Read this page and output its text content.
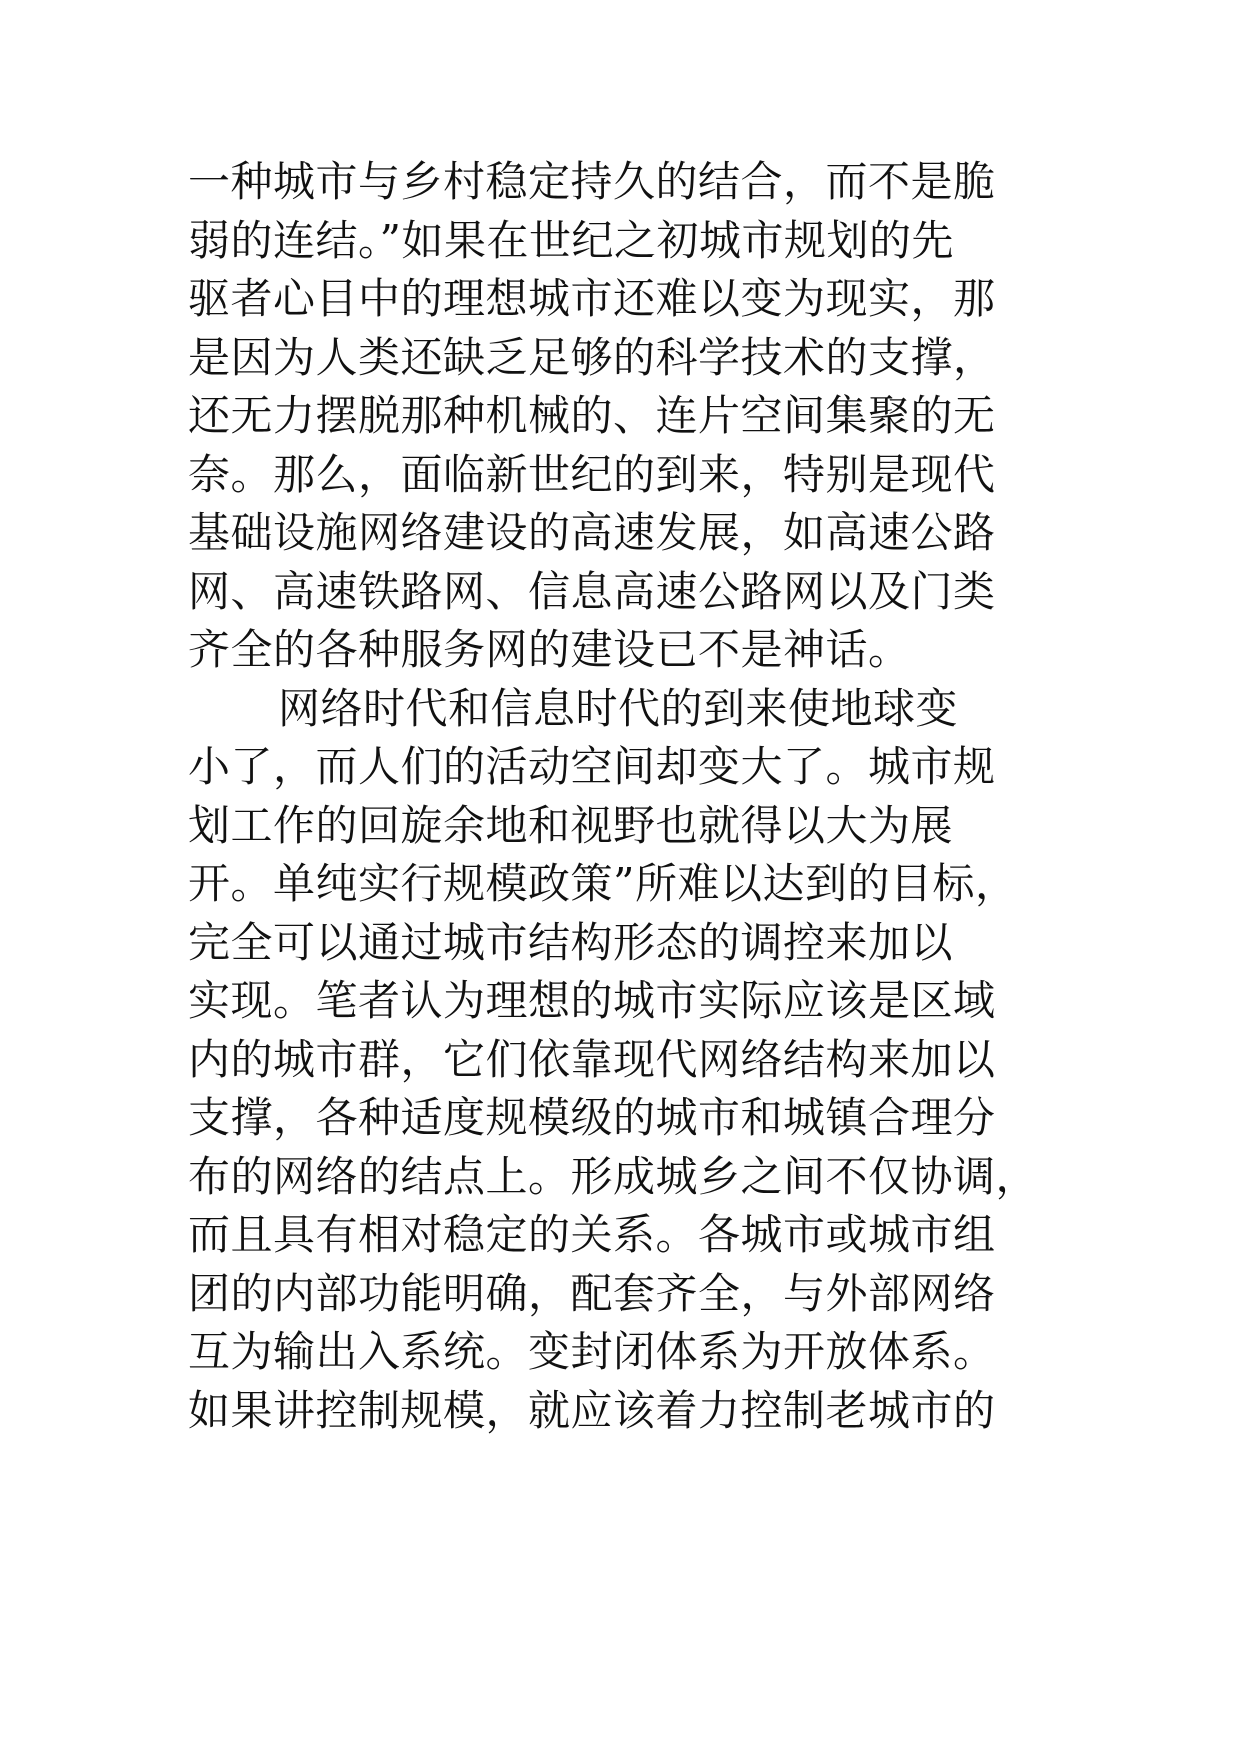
一种城市与乡村稳定持久的结合，而不是脆
弱的连结。”如果在世纪之初城市规划的先
驱者心目中的理想城市还难以变为现实，那
是因为人类还缺乏足够的科学技术的支撑，
还无力摆脱那种机械的、连片空间集聚的无
奈。那么，面临新世纪的到来，特别是现代
基础设施网络建设的高速发展，如高速公路
网、高速铁路网、信息高速公路网以及门类
齐全的各种服务网的建设已不是神话。
网络时代和信息时代的到来使地球变
小了，而人们的活动空间却变大了。城市规
划工作的回旋余地和视野也就得以大为展
开。单纯实行规模政策”所难以达到的目标，
完全可以通过城市结构形态的调控来加以
实现。笔者认为理想的城市实际应该是区域
内的城市群，它们依靠现代网络结构来加以
支撑，各种适度规模级的城市和城镇合理分
布的网络的结点上。形成城乡之间不仅协调，
而且具有相对稳定的关系。各城市或城市组
团的内部功能明确，配套齐全，与外部网络
互为输出入系统。变封闭体系为开放体系。
如果讲控制规模，就应该着力控制老城市的
